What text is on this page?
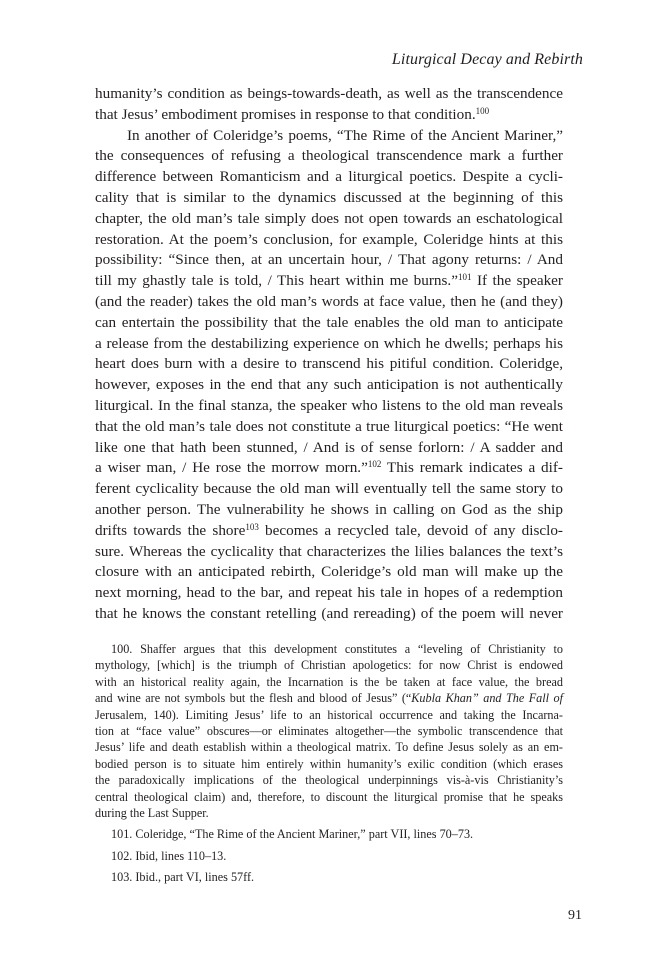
Liturgical Decay and Rebirth
humanity’s condition as beings-towards-death, as well as the transcendence
that Jesus’ embodiment promises in response to that condition.$^{100}$
In another of Coleridge’s poems, “The Rime of the Ancient Mariner,”
the consequences of refusing a theological transcendence mark a further
difference between Romanticism and a liturgical poetics. Despite a cycli-
cality that is similar to the dynamics discussed at the beginning of this
chapter, the old man’s tale simply does not open towards an eschatological
restoration. At the poem’s conclusion, for example, Coleridge hints at this
possibility: “Since then, at an uncertain hour, / That agony returns: / And
till my ghastly tale is told, / This heart within me burns.”$^{101}$ If the speaker
(and the reader) takes the old man’s words at face value, then he (and they)
can entertain the possibility that the tale enables the old man to anticipate
a release from the destabilizing experience on which he dwells; perhaps his
heart does burn with a desire to transcend his pitiful condition. Coleridge,
however, exposes in the end that any such anticipation is not authentically
liturgical. In the final stanza, the speaker who listens to the old man reveals
that the old man’s tale does not constitute a true liturgical poetics: “He went
like one that hath been stunned, / And is of sense forlorn: / A sadder and
a wiser man, / He rose the morrow morn.”$^{102}$ This remark indicates a dif-
ferent cyclicality because the old man will eventually tell the same story to
another person. The vulnerability he shows in calling on God as the ship
drifts towards the shore$^{103}$ becomes a recycled tale, devoid of any disclo-
sure. Whereas the cyclicality that characterizes the lilies balances the text’s
closure with an anticipated rebirth, Coleridge’s old man will make up the
next morning, head to the bar, and repeat his tale in hopes of a redemption
that he knows the constant retelling (and rereading) of the poem will never
100. Shaffer argues that this development constitutes a “leveling of Christianity to
mythology, [which] is the triumph of Christian apologetics: for now Christ is endowed
with an historical reality again, the Incarnation is the be taken at face value, the bread
and wine are not symbols but the flesh and blood of Jesus” (“Kubla Khan” and The Fall of
Jerusalem, 140). Limiting Jesus’ life to an historical occurrence and taking the Incarna-
tion at “face value” obscures—or eliminates altogether—the symbolic transcendence that
Jesus’ life and death establish within a theological matrix. To define Jesus solely as an em-
bodied person is to situate him entirely within humanity’s exilic condition (which erases
the paradoxically implications of the theological underpinnings vis-à-vis Christianity’s
central theological claim) and, therefore, to discount the liturgical promise that he speaks
during the Last Supper.
101. Coleridge, “The Rime of the Ancient Mariner,” part VII, lines 70–73.
102. Ibid, lines 110–13.
103. Ibid., part VI, lines 57ff.
91
